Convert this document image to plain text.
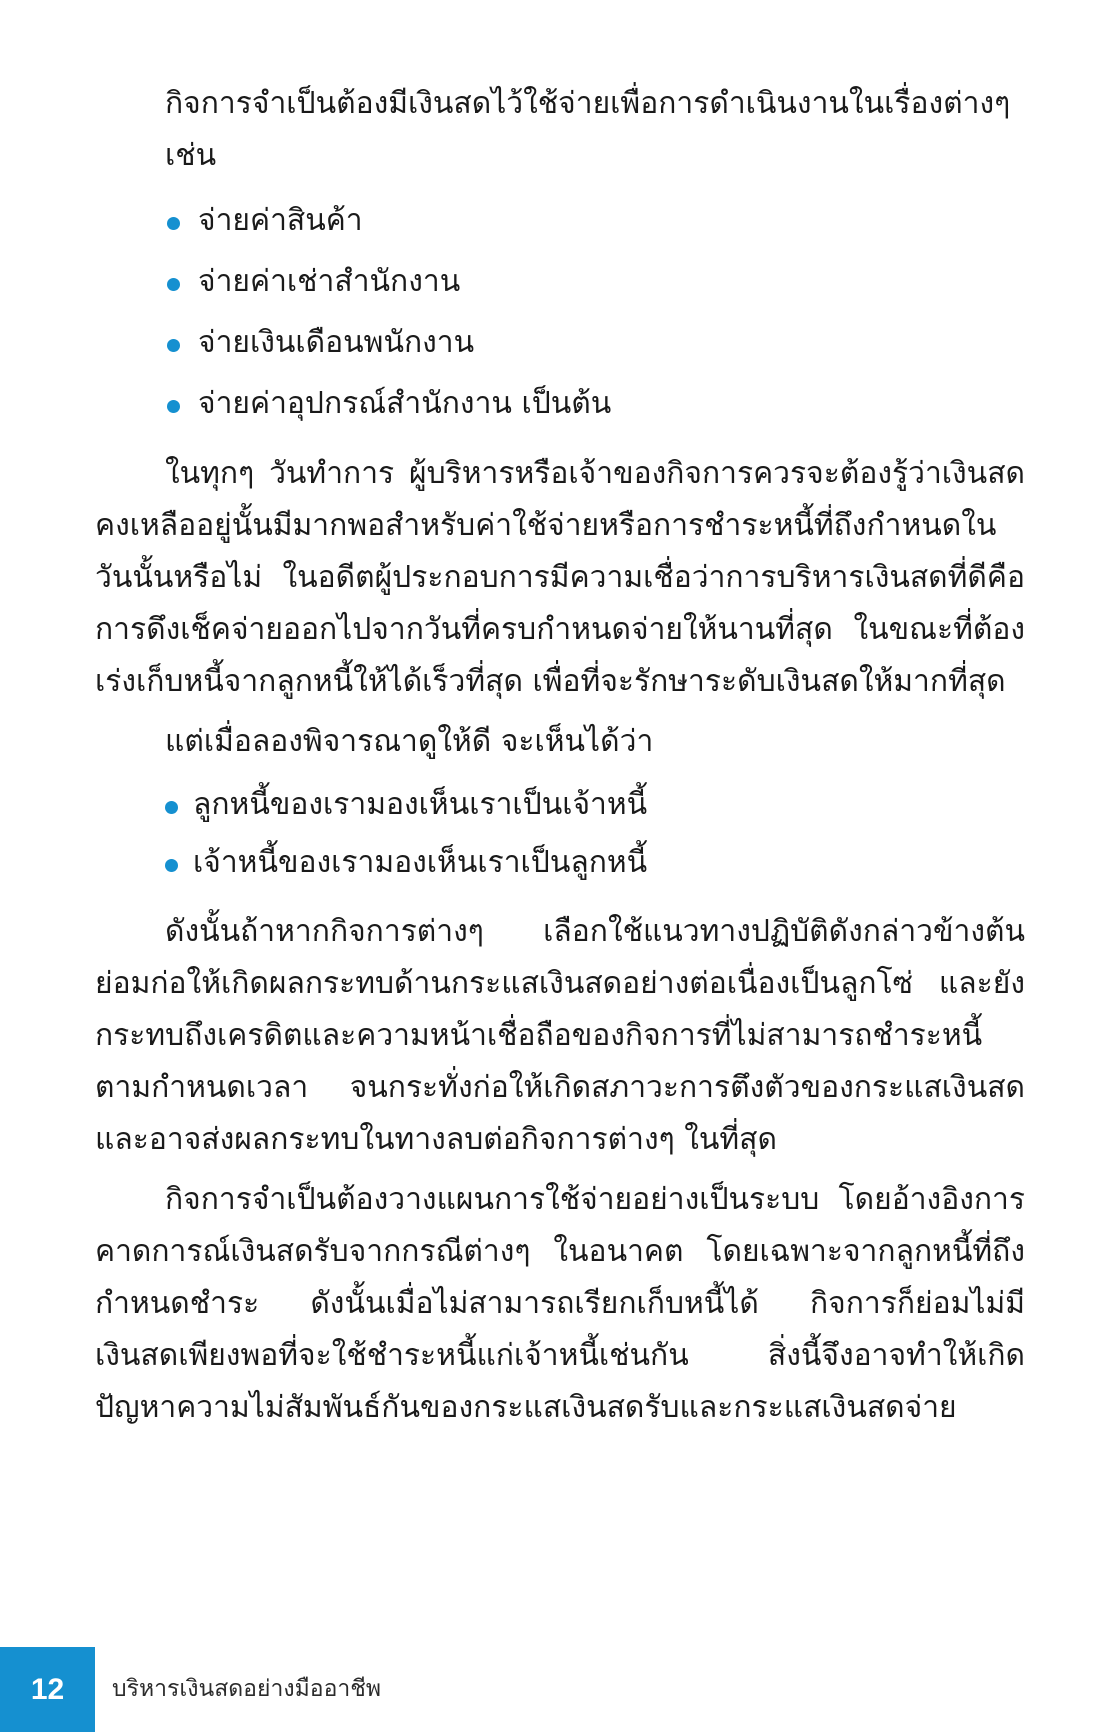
กิจการจำเป็นต้องมีเงินสดไว้ใช้จ่ายเพื่อการดำเนินงานในเรื่องต่างๆ เช่น

จ่ายค่าสินค้า
จ่ายค่าเช่าสำนักงาน
จ่ายเงินเดือนพนักงาน
จ่ายค่าอุปกรณ์สำนักงาน เป็นต้น

ในทุกๆ วันทำการ ผู้บริหารหรือเจ้าของกิจการควรจะต้องรู้ว่าเงินสดคงเหลืออยู่นั้นมีมากพอสำหรับค่าใช้จ่ายหรือการชำระหนี้ที่ถึงกำหนดในวันนั้นหรือไม่ ในอดีตผู้ประกอบการมีความเชื่อว่าการบริหารเงินสดที่ดีคือการดึงเช็คจ่ายออกไปจากวันที่ครบกำหนดจ่ายให้นานที่สุด ในขณะที่ต้องเร่งเก็บหนี้จากลูกหนี้ให้ได้เร็วที่สุด เพื่อที่จะรักษาระดับเงินสดให้มากที่สุด

แต่เมื่อลองพิจารณาดูให้ดี จะเห็นได้ว่า

ลูกหนี้ของเรามองเห็นเราเป็นเจ้าหนี้
เจ้าหนี้ของเรามองเห็นเราเป็นลูกหนี้

ดังนั้นถ้าหากกิจการต่างๆ เลือกใช้แนวทางปฏิบัติดังกล่าวข้างต้นย่อมก่อให้เกิดผลกระทบด้านกระแสเงินสดอย่างต่อเนื่องเป็นลูกโซ่ และยังกระทบถึงเครดิตและความหน้าเชื่อถือของกิจการที่ไม่สามารถชำระหนี้ตามกำหนดเวลา จนกระทั่งก่อให้เกิดสภาวะการตึงตัวของกระแสเงินสด และอาจส่งผลกระทบในทางลบต่อกิจการต่างๆ ในที่สุด

กิจการจำเป็นต้องวางแผนการใช้จ่ายอย่างเป็นระบบ โดยอ้างอิงการคาดการณ์เงินสดรับจากกรณีต่างๆ ในอนาคต โดยเฉพาะจากลูกหนี้ที่ถึงกำหนดชำระ ดังนั้นเมื่อไม่สามารถเรียกเก็บหนี้ได้ กิจการก็ย่อมไม่มีเงินสดเพียงพอที่จะใช้ชำระหนี้แก่เจ้าหนี้เช่นกัน สิ่งนี้จึงอาจทำให้เกิดปัญหาความไม่สัมพันธ์กันของกระแสเงินสดรับและกระแสเงินสดจ่าย

12	บริหารเงินสดอย่างมืออาชีพ
